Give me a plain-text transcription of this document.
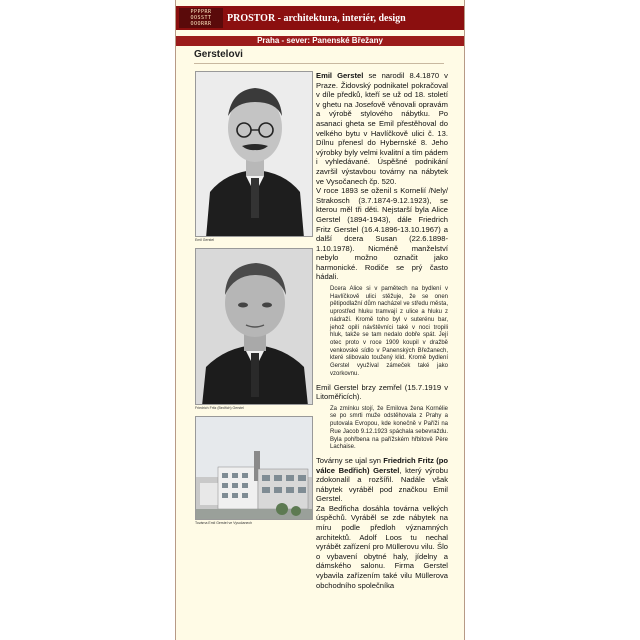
PPPPRR
OOSSTT
OOORRR
PROSTOR - architektura, interiér, design
Praha - sever: Panenské Břežany
Gerstelovi
Emil Gerstel
Friedrich Fritz (Bedřich) Gerstel
Továrna Emil Gerstel ve Vysočanech

Emil Gerstel se narodil 8.4.1870 v Praze. Židovský podnikatel pokračoval v díle předků, kteří se už od 18. století v ghetu na Josefově věnovali opravám a výrobě stylového nábytku. Po asanaci gheta se Emil přestěhoval do velkého bytu v Havlíčkově ulici č. 13. Dílnu přenesl do Hybernské 8. Jeho výrobky byly velmi kvalitní a tím pádem i vyhledávané. Úspěšné podnikání završil výstavbou továrny na nábytek ve Vysočanech čp. 520.

V roce 1893 se oženil s Kornelií /Nely/ Strakosch (3.7.1874-9.12.1923), se kterou měl tři děti. Nejstarší byla Alice Gerstel (1894-1943), dále Friedrich Fritz Gerstel (16.4.1896-13.10.1967) a další dcera Susan (22.6.1898-1.10.1978). Nicméně manželství nebylo možno označit jako harmonické. Rodiče se prý často hádali.

Dcera Alice si v pamětech na bydlení v Havlíčkově ulici stěžuje, že se onen pětipodlažní dům nacházel ve středu města, uprostřed hluku tramvají z ulice a hluku z nádraží. Kromě toho byl v suterénu bar, jehož opilí návštěvníci také v noci tropili hluk, takže se tam nedalo dobře spát. Její otec proto v roce 1909 koupil v dražbě venkovské sídlo v Panenských Břežanech, které slibovalo toužený klid. Kromě bydlení Gerstel využíval zámeček také jako vzorkovnu.

Emil Gerstel brzy zemřel (15.7.1919 v Litoměřicích).

Za zmínku stojí, že Emilova žena Kornélie se po smrti muže odstěhovala z Prahy a putovala Evropou, kde konečně v Paříži na Rue Jacob 9.12.1923 spáchala sebevraždu. Byla pohřbena na pařížském hřbitově Père Lachaise.

Továrny se ujal syn Friedrich Fritz (po válce Bedřich) Gerstel, který výrobu zdokonalil a rozšířil. Nadále však nábytek vyráběl pod značkou Emil Gerstel.

Za Bedřicha dosáhla továrna velkých úspěchů. Vyráběl se zde nábytek na míru podle předloh významných architektů. Adolf Loos tu nechal vyrábět zařízení pro Müllerovu vilu. Šlo o vybavení obytné haly, jídelny a dámského salonu. Firma Gerstel vybavila zařízením také vilu Müllerova obchodního společníka
